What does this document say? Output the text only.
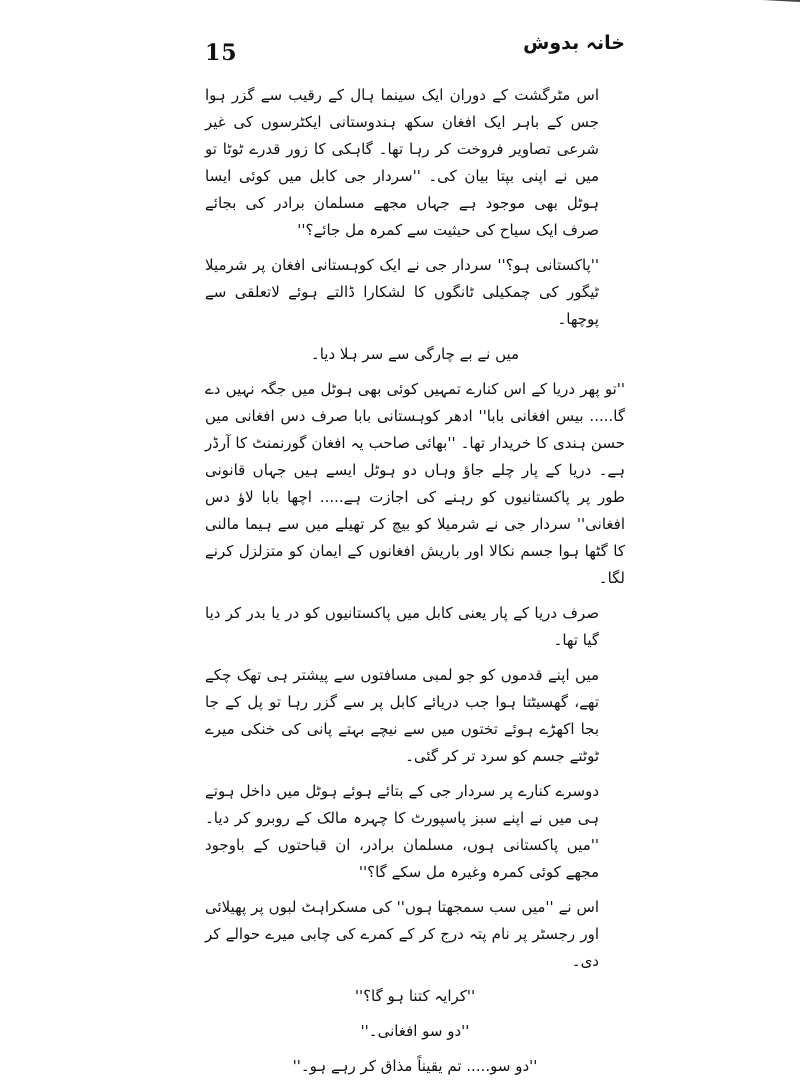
15	خانہ بدوش

اس مٹرگشت کے دوران ایک سینما ہال کے رقیب سے گزر ہوا جس کے باہر ایک افغان سکھ ہندوستانی ایکٹرسوں کی غیر شرعی تصاویر فروخت کر رہا تھا۔ گاہکی کا زور قدرے ٹوٹا تو میں نے اپنی بپتا بیان کی۔ ''سردار جی کابل میں کوئی ایسا ہوٹل بھی موجود ہے جہاں مجھے مسلمان برادر کی بجائے صرف ایک سیاح کی حیثیت سے کمرہ مل جائے؟''

''پاکستانی ہو؟'' سردار جی نے ایک کوہستانی افغان پر شرمیلا ٹیگور کی چمکیلی ٹانگوں کا لشکارا ڈالتے ہوئے لاتعلقی سے پوچھا۔

میں نے بے چارگی سے سر ہلا دیا۔

''تو پھر دریا کے اس کنارے تمہیں کوئی بھی ہوٹل میں جگہ نہیں دے گا..... بیس افغانی بابا'' ادھر کوہستانی بابا صرف دس افغانی میں حسن ہندی کا خریدار تھا۔ ''بھائی صاحب یہ افغان گورنمنٹ کا آرڈر ہے۔ دریا کے پار چلے جاؤ وہاں دو ہوٹل ایسے ہیں جہاں قانونی طور پر پاکستانیوں کو رہنے کی اجازت ہے..... اچھا بابا لاؤ دس افغانی'' سردار جی نے شرمیلا کو بیچ کر تھیلے میں سے ہیما مالنی کا گٹھا ہوا جسم نکالا اور باریش افغانوں کے ایمان کو متزلزل کرنے لگا۔

صرف دریا کے پار یعنی کابل میں پاکستانیوں کو در یا بدر کر دیا گیا تھا۔

میں اپنے قدموں کو جو لمبی مسافتوں سے پیشتر ہی تھک چکے تھے، گھسیٹتا ہوا جب دریائے کابل پر سے گزر رہا تو پل کے جا بجا اکھڑے ہوئے تختوں میں سے نیچے بہتے پانی کی خنکی میرے ٹوٹتے جسم کو سرد تر کر گئی۔

دوسرے کنارے پر سردار جی کے بتائے ہوئے ہوٹل میں داخل ہوتے ہی میں نے اپنے سبز پاسپورٹ کا چہرہ مالک کے روبرو کر دیا۔ ''میں پاکستانی ہوں، مسلمان برادر، ان قباحتوں کے باوجود مجھے کوئی کمرہ وغیرہ مل سکے گا؟''

اس نے ''میں سب سمجھتا ہوں'' کی مسکراہٹ لبوں پر پھیلائی اور رجسٹر پر نام پتہ درج کر کے کمرے کی چابی میرے حوالے کر دی۔

''کرایہ کتنا ہو گا؟''

''دو سو افغانی۔''

''دو سو..... تم یقیناً مذاق کر رہے ہو۔''
